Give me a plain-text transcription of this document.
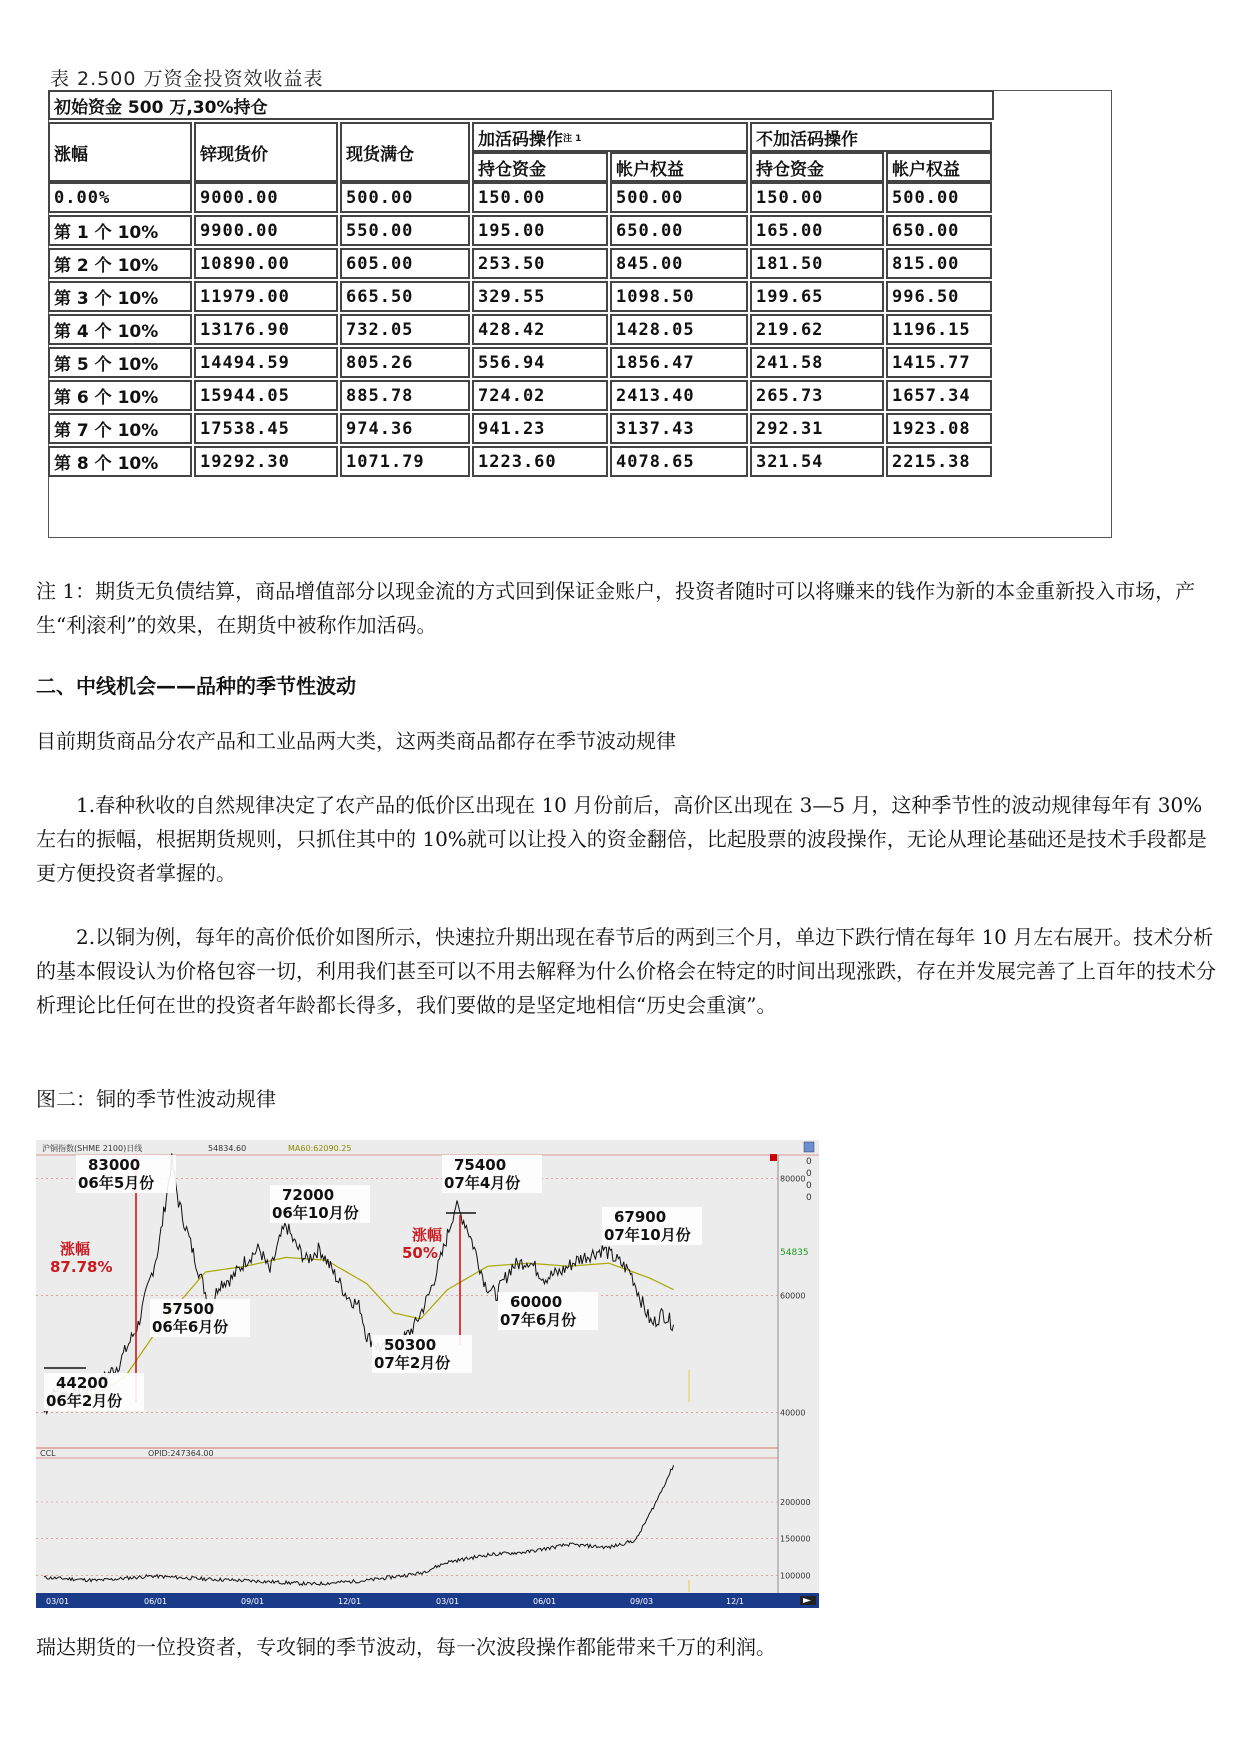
表 2.500 万资金投资效收益表
初始资金 500 万,30%持仓
涨幅	锌现货价	现货满仓
加活码操作 注 1	不加活码操作
持仓资金	帐户权益	持仓资金	帐户权益
0.00%	9000.00	500.00	150.00	500.00	150.00	500.00
第 1 个 10% 9900.00	550.00	195.00	650.00	165.00	650.00
第 2 个 10% 10890.00	605.00	253.50	845.00	181.50	815.00
第 3 个 10% 11979.00	665.50	329.55	1098.50	199.65	996.50
第 4 个 10% 13176.90	732.05	428.42	1428.05	219.62	1196.15
第 5 个 10% 14494.59	805.26	556.94	1856.47	241.58	1415.77
第 6 个 10% 15944.05	885.78	724.02	2413.40	265.73	1657.34
第 7 个 10% 17538.45	974.36	941.23	3137.43	292.31	1923.08
第 8 个 10% 19292.30	1071.79	1223.60	4078.65	321.54	2215.38

注 1：期货无负债结算，商品增值部分以现金流的方式回到保证金账户，投资者随时可以将赚来的钱作为新的本金重新投入市场，产生“利滚利”的效果，在期货中被称作加活码。

二、中线机会——品种的季节性波动

目前期货商品分农产品和工业品两大类，这两类商品都存在季节波动规律

1.春种秋收的自然规律决定了农产品的低价区出现在 10 月份前后，高价区出现在 3—5 月，这种季节性的波动规律每年有 30%左右的振幅，根据期货规则，只抓住其中的 10%就可以让投入的资金翻倍，比起股票的波段操作，无论从理论基础还是技术手段都是更方便投资者掌握的。

2.以铜为例，每年的高价低价如图所示，快速拉升期出现在春节后的两到三个月，单边下跌行情在每年 10 月左右展开。技术分析的基本假设认为价格包容一切，利用我们甚至可以不用去解释为什么价格会在特定的时间出现涨跌，存在并发展完善了上百年的技术分析理论比任何在世的投资者年龄都长得多，我们要做的是坚定地相信“历史会重演”。

图二：铜的季节性波动规律

沪铜指数(SHME 2100)日线	54834.60	MA60:62090.25
80000
60000
40000
200000
150000
100000
0
0
0
0
54835
CCL	OPID:247364.00
83000
06年5月份
72000
06年10月份
75400
07年4月份
67900
07年10月份
57500
06年6月份
60000
07年6月份
50300
07年2月份
44200
06年2月份
涨幅
87.78%
涨幅
50%
03/01	06/01	09/01	12/01	03/01	06/01	09/03	12/1

瑞达期货的一位投资者，专攻铜的季节波动，每一次波段操作都能带来千万的利润。
